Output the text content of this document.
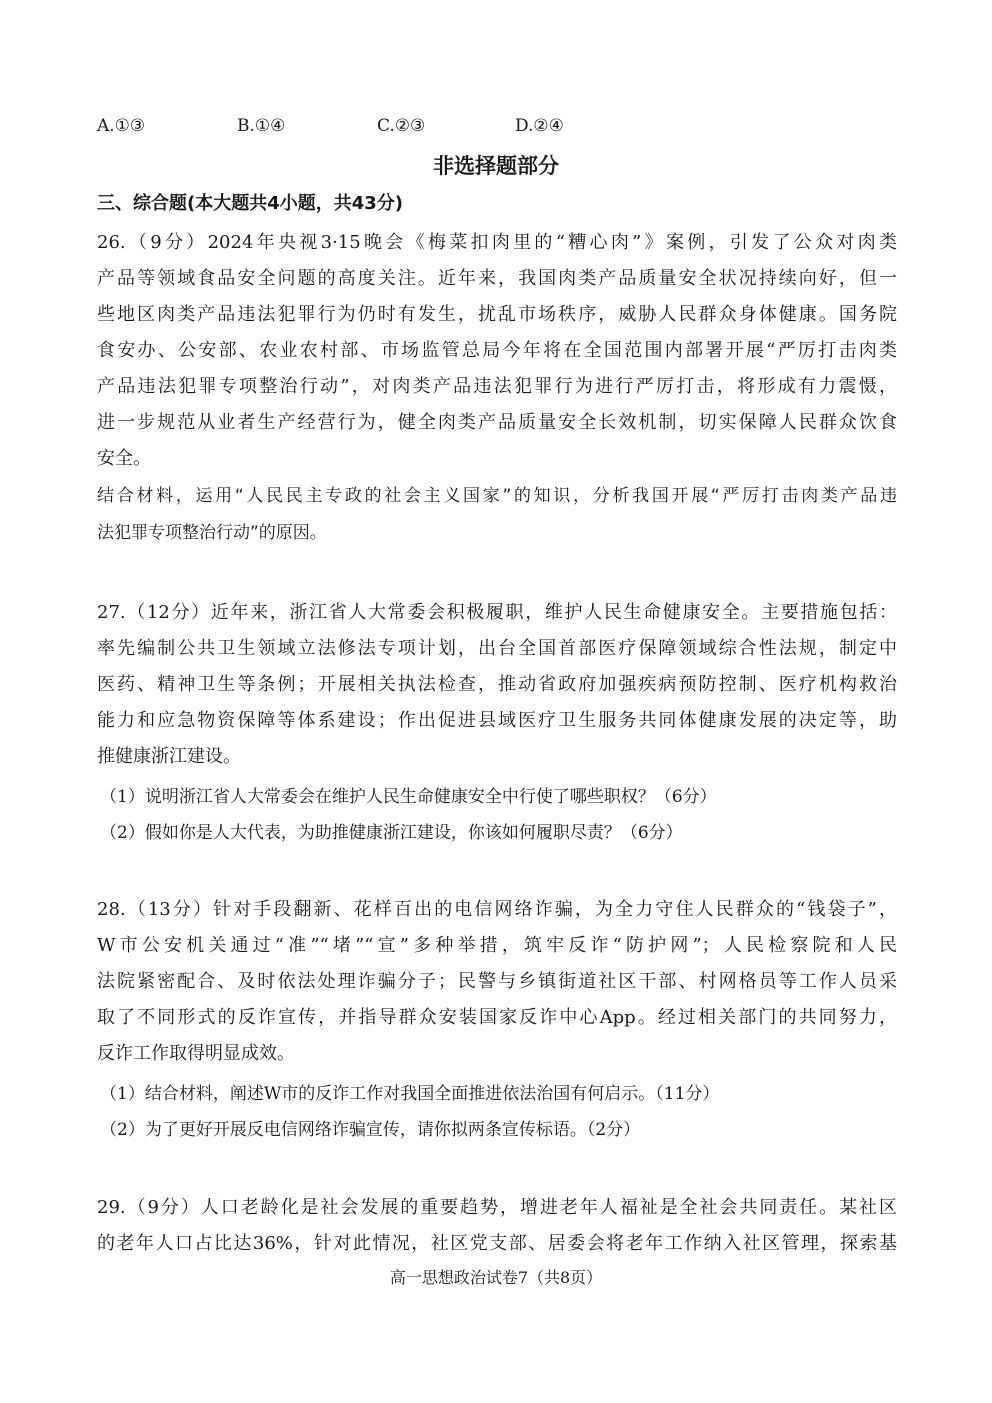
A.①③	B.①④	C.②③	D.②④
非选择题部分
三、综合题(本大题共4小题，共43分)
26.（9分）2024年央视3·15晚会《梅菜扣肉里的“糟心肉”》案例，引发了公众对肉类
产品等领域食品安全问题的高度关注。近年来，我国肉类产品质量安全状况持续向好，但一
些地区肉类产品违法犯罪行为仍时有发生，扰乱市场秩序，威胁人民群众身体健康。国务院
食安办、公安部、农业农村部、市场监管总局今年将在全国范围内部署开展“严厉打击肉类
产品违法犯罪专项整治行动”，对肉类产品违法犯罪行为进行严厉打击，将形成有力震慑，
进一步规范从业者生产经营行为，健全肉类产品质量安全长效机制，切实保障人民群众饮食
安全。
结合材料，运用“人民民主专政的社会主义国家”的知识，分析我国开展“严厉打击肉类产品违
法犯罪专项整治行动”的原因。
27.（12分）近年来，浙江省人大常委会积极履职，维护人民生命健康安全。主要措施包括：
率先编制公共卫生领域立法修法专项计划，出台全国首部医疗保障领域综合性法规，制定中
医药、精神卫生等条例；开展相关执法检查，推动省政府加强疾病预防控制、医疗机构救治
能力和应急物资保障等体系建设；作出促进县域医疗卫生服务共同体健康发展的决定等，助
推健康浙江建设。
（1）说明浙江省人大常委会在维护人民生命健康安全中行使了哪些职权？（6分）
（2）假如你是人大代表，为助推健康浙江建设，你该如何履职尽责？（6分）
28.（13分）针对手段翻新、花样百出的电信网络诈骗，为全力守住人民群众的“钱袋子”，
W市公安机关通过“准”“堵”“宣”多种举措，筑牢反诈“防护网”；人民检察院和人民
法院紧密配合、及时依法处理诈骗分子；民警与乡镇街道社区干部、村网格员等工作人员采
取了不同形式的反诈宣传，并指导群众安装国家反诈中心App。经过相关部门的共同努力，
反诈工作取得明显成效。
（1）结合材料，阐述W市的反诈工作对我国全面推进依法治国有何启示。（11分）
（2）为了更好开展反电信网络诈骗宣传，请你拟两条宣传标语。（2分）
29.（9分）人口老龄化是社会发展的重要趋势，增进老年人福祉是全社会共同责任。某社区
的老年人口占比达36%，针对此情况，社区党支部、居委会将老年工作纳入社区管理，探索基
高一思想政治试卷7（共8页）
